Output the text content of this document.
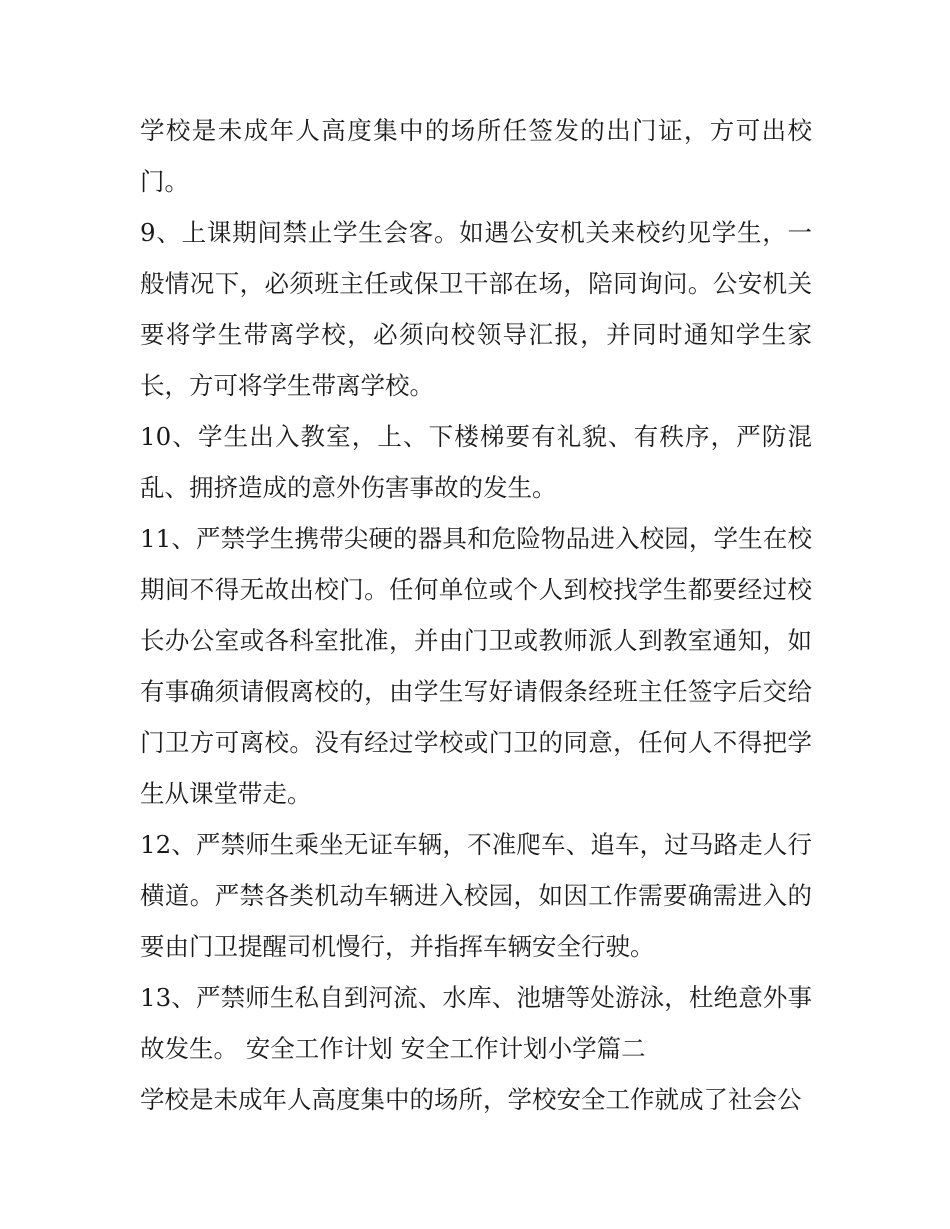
学校是未成年人高度集中的场所任签发的出门证，方可出校门。

9、上课期间禁止学生会客。如遇公安机关来校约见学生，一般情况下，必须班主任或保卫干部在场，陪同询问。公安机关要将学生带离学校，必须向校领导汇报，并同时通知学生家长，方可将学生带离学校。

10、学生出入教室，上、下楼梯要有礼貌、有秩序，严防混乱、拥挤造成的意外伤害事故的发生。

11、严禁学生携带尖硬的器具和危险物品进入校园，学生在校期间不得无故出校门。任何单位或个人到校找学生都要经过校长办公室或各科室批准，并由门卫或教师派人到教室通知，如有事确须请假离校的，由学生写好请假条经班主任签字后交给门卫方可离校。没有经过学校或门卫的同意，任何人不得把学生从课堂带走。

12、严禁师生乘坐无证车辆，不准爬车、追车，过马路走人行横道。严禁各类机动车辆进入校园，如因工作需要确需进入的要由门卫提醒司机慢行，并指挥车辆安全行驶。

13、严禁师生私自到河流、水库、池塘等处游泳，杜绝意外事故发生。 安全工作计划 安全工作计划小学篇二

学校是未成年人高度集中的场所，学校安全工作就成了社会公
